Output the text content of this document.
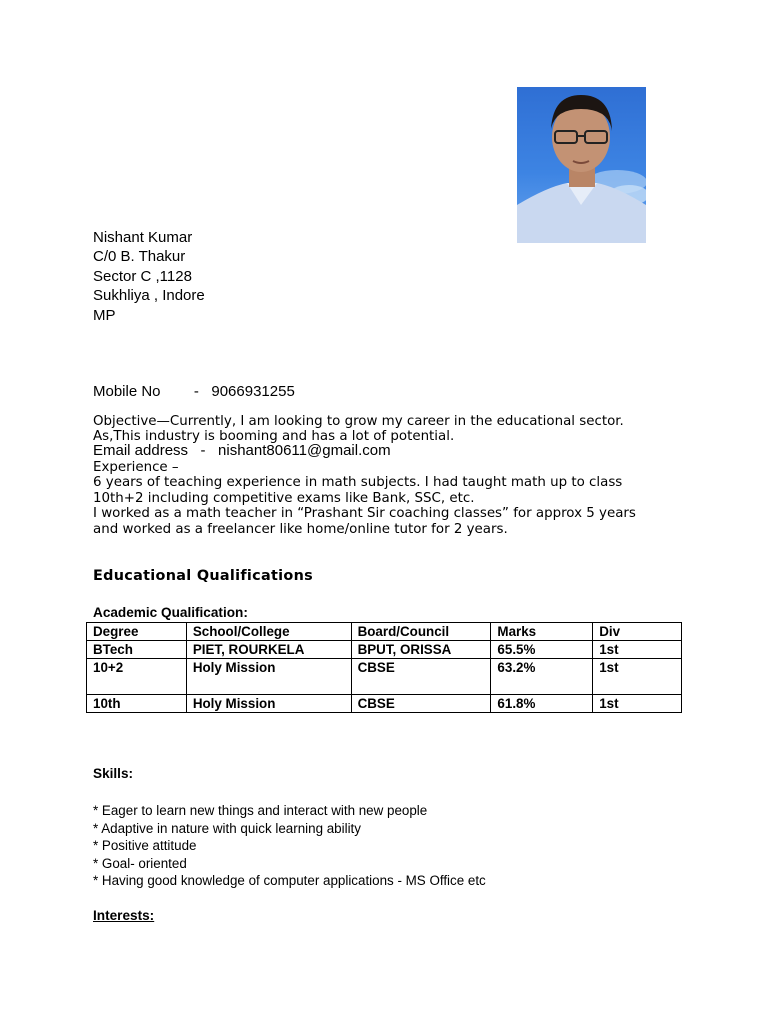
Nishant Kumar
C/0 B. Thakur
Sector C ,1128
Sukhliya , Indore
MP

Mobile No        -   9066931255

Email address   -   nishant80611@gmail.com

Objective—Currently, I am looking to grow my career in the educational sector.
As,This industry is booming and has a lot of potential.
Experience –
6 years of teaching experience in math subjects. I had taught math up to class
10th+2 including competitive exams like Bank, SSC, etc.
I worked as a math teacher in “Prashant Sir coaching classes” for approx 5 years
and worked as a freelancer like home/online tutor for 2 years.
Educational Qualifications
Academic Qualification:
Degree	School/College	Board/Council	Marks	Div
BTech	PIET, ROURKELA	BPUT, ORISSA	65.5%	1st
10+2	Holy Mission	CBSE	63.2%	1st
10th	Holy Mission	CBSE	61.8%	1st
Skills:
* Eager to learn new things and interact with new people
* Adaptive in nature with quick learning ability
* Positive attitude
* Goal- oriented
* Having good knowledge of computer applications - MS Office etc
Interests:
